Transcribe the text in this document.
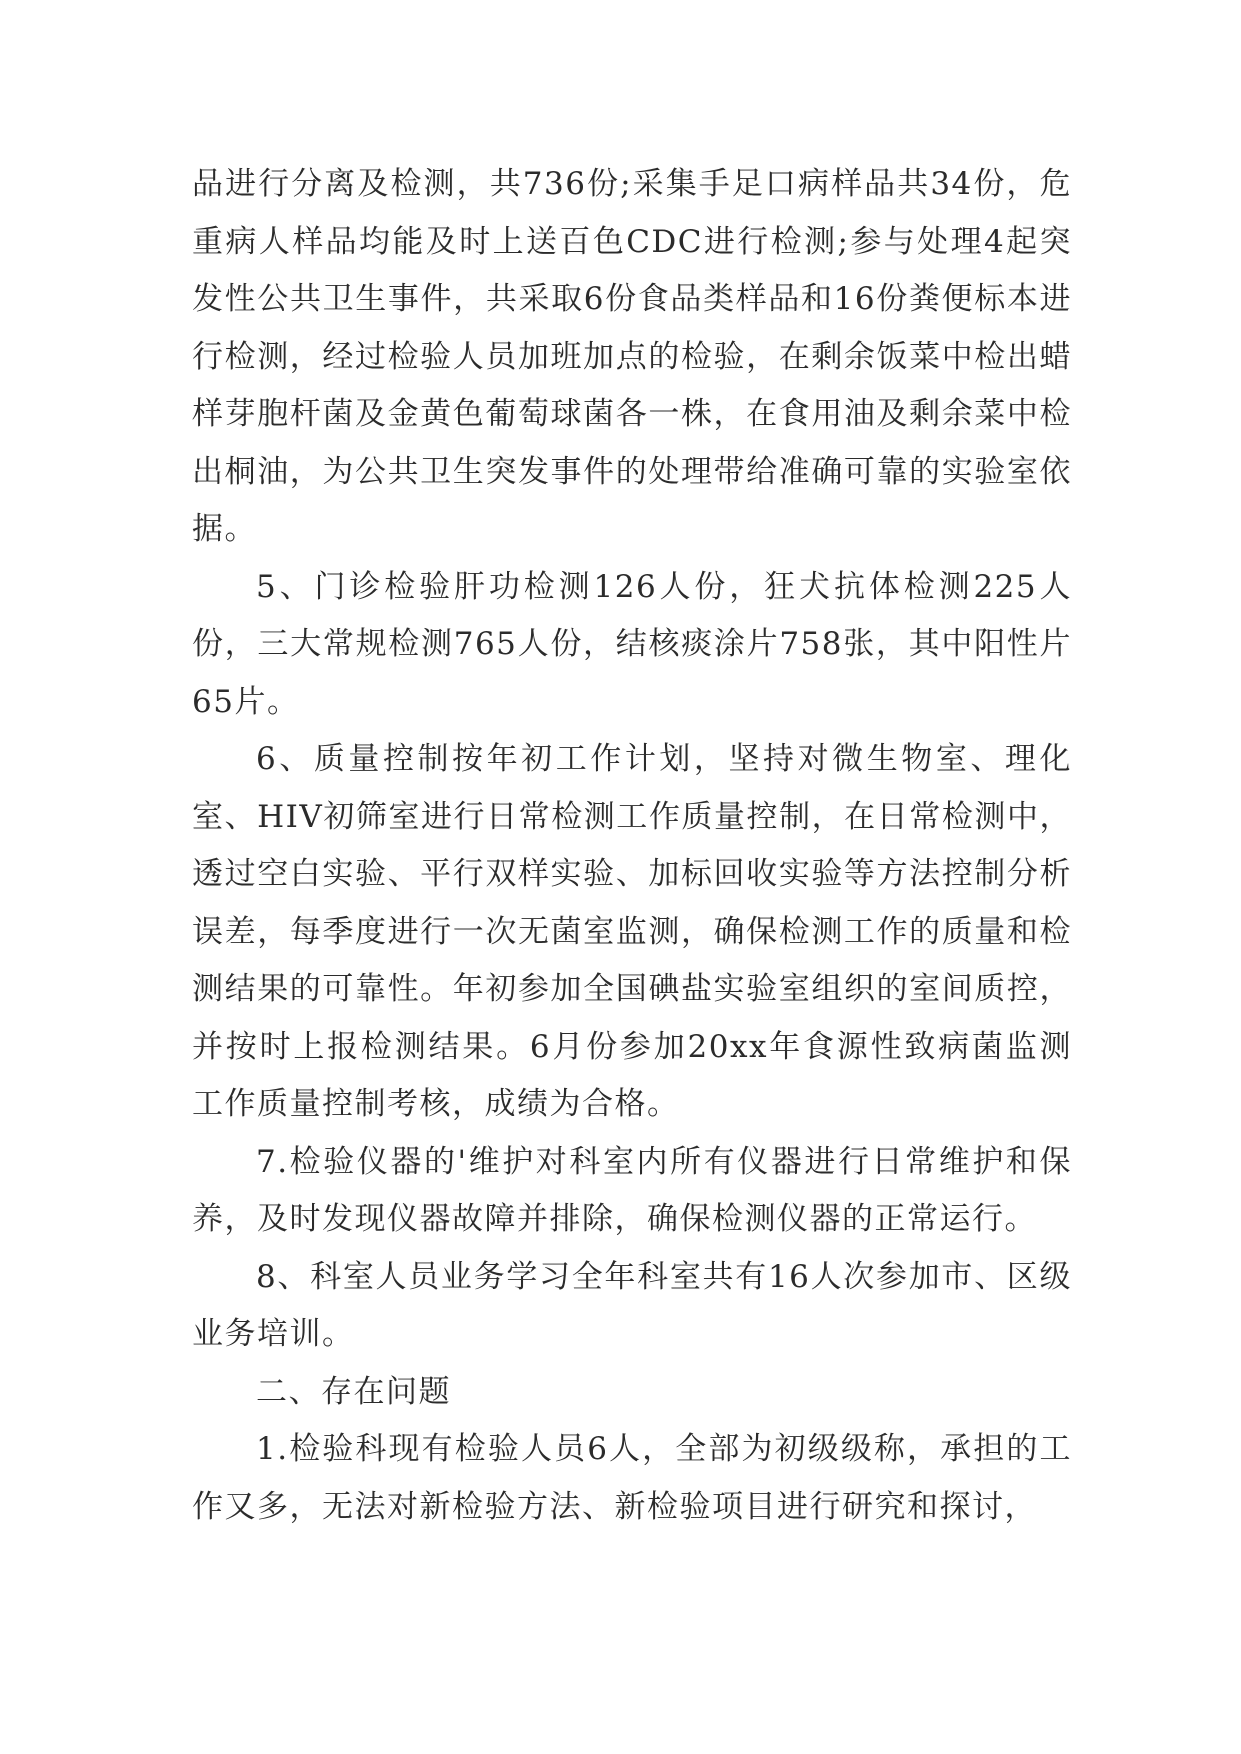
品进行分离及检测，共736份;采集手足口病样品共34份，危重病人样品均能及时上送百色CDC进行检测;参与处理4起突发性公共卫生事件，共采取6份食品类样品和16份粪便标本进行检测，经过检验人员加班加点的检验，在剩余饭菜中检出蜡样芽胞杆菌及金黄色葡萄球菌各一株，在食用油及剩余菜中检出桐油，为公共卫生突发事件的处理带给准确可靠的实验室依据。

5、门诊检验肝功检测126人份，狂犬抗体检测225人份，三大常规检测765人份，结核痰涂片758张，其中阳性片65片。

6、质量控制按年初工作计划，坚持对微生物室、理化室、HIV初筛室进行日常检测工作质量控制，在日常检测中，透过空白实验、平行双样实验、加标回收实验等方法控制分析误差，每季度进行一次无菌室监测，确保检测工作的质量和检测结果的可靠性。年初参加全国碘盐实验室组织的室间质控，并按时上报检测结果。6月份参加20xx年食源性致病菌监测工作质量控制考核，成绩为合格。

7.检验仪器的'维护对科室内所有仪器进行日常维护和保养，及时发现仪器故障并排除，确保检测仪器的正常运行。

8、科室人员业务学习全年科室共有16人次参加市、区级业务培训。

二、存在问题

1.检验科现有检验人员6人，全部为初级级称，承担的工作又多，无法对新检验方法、新检验项目进行研究和探讨，
